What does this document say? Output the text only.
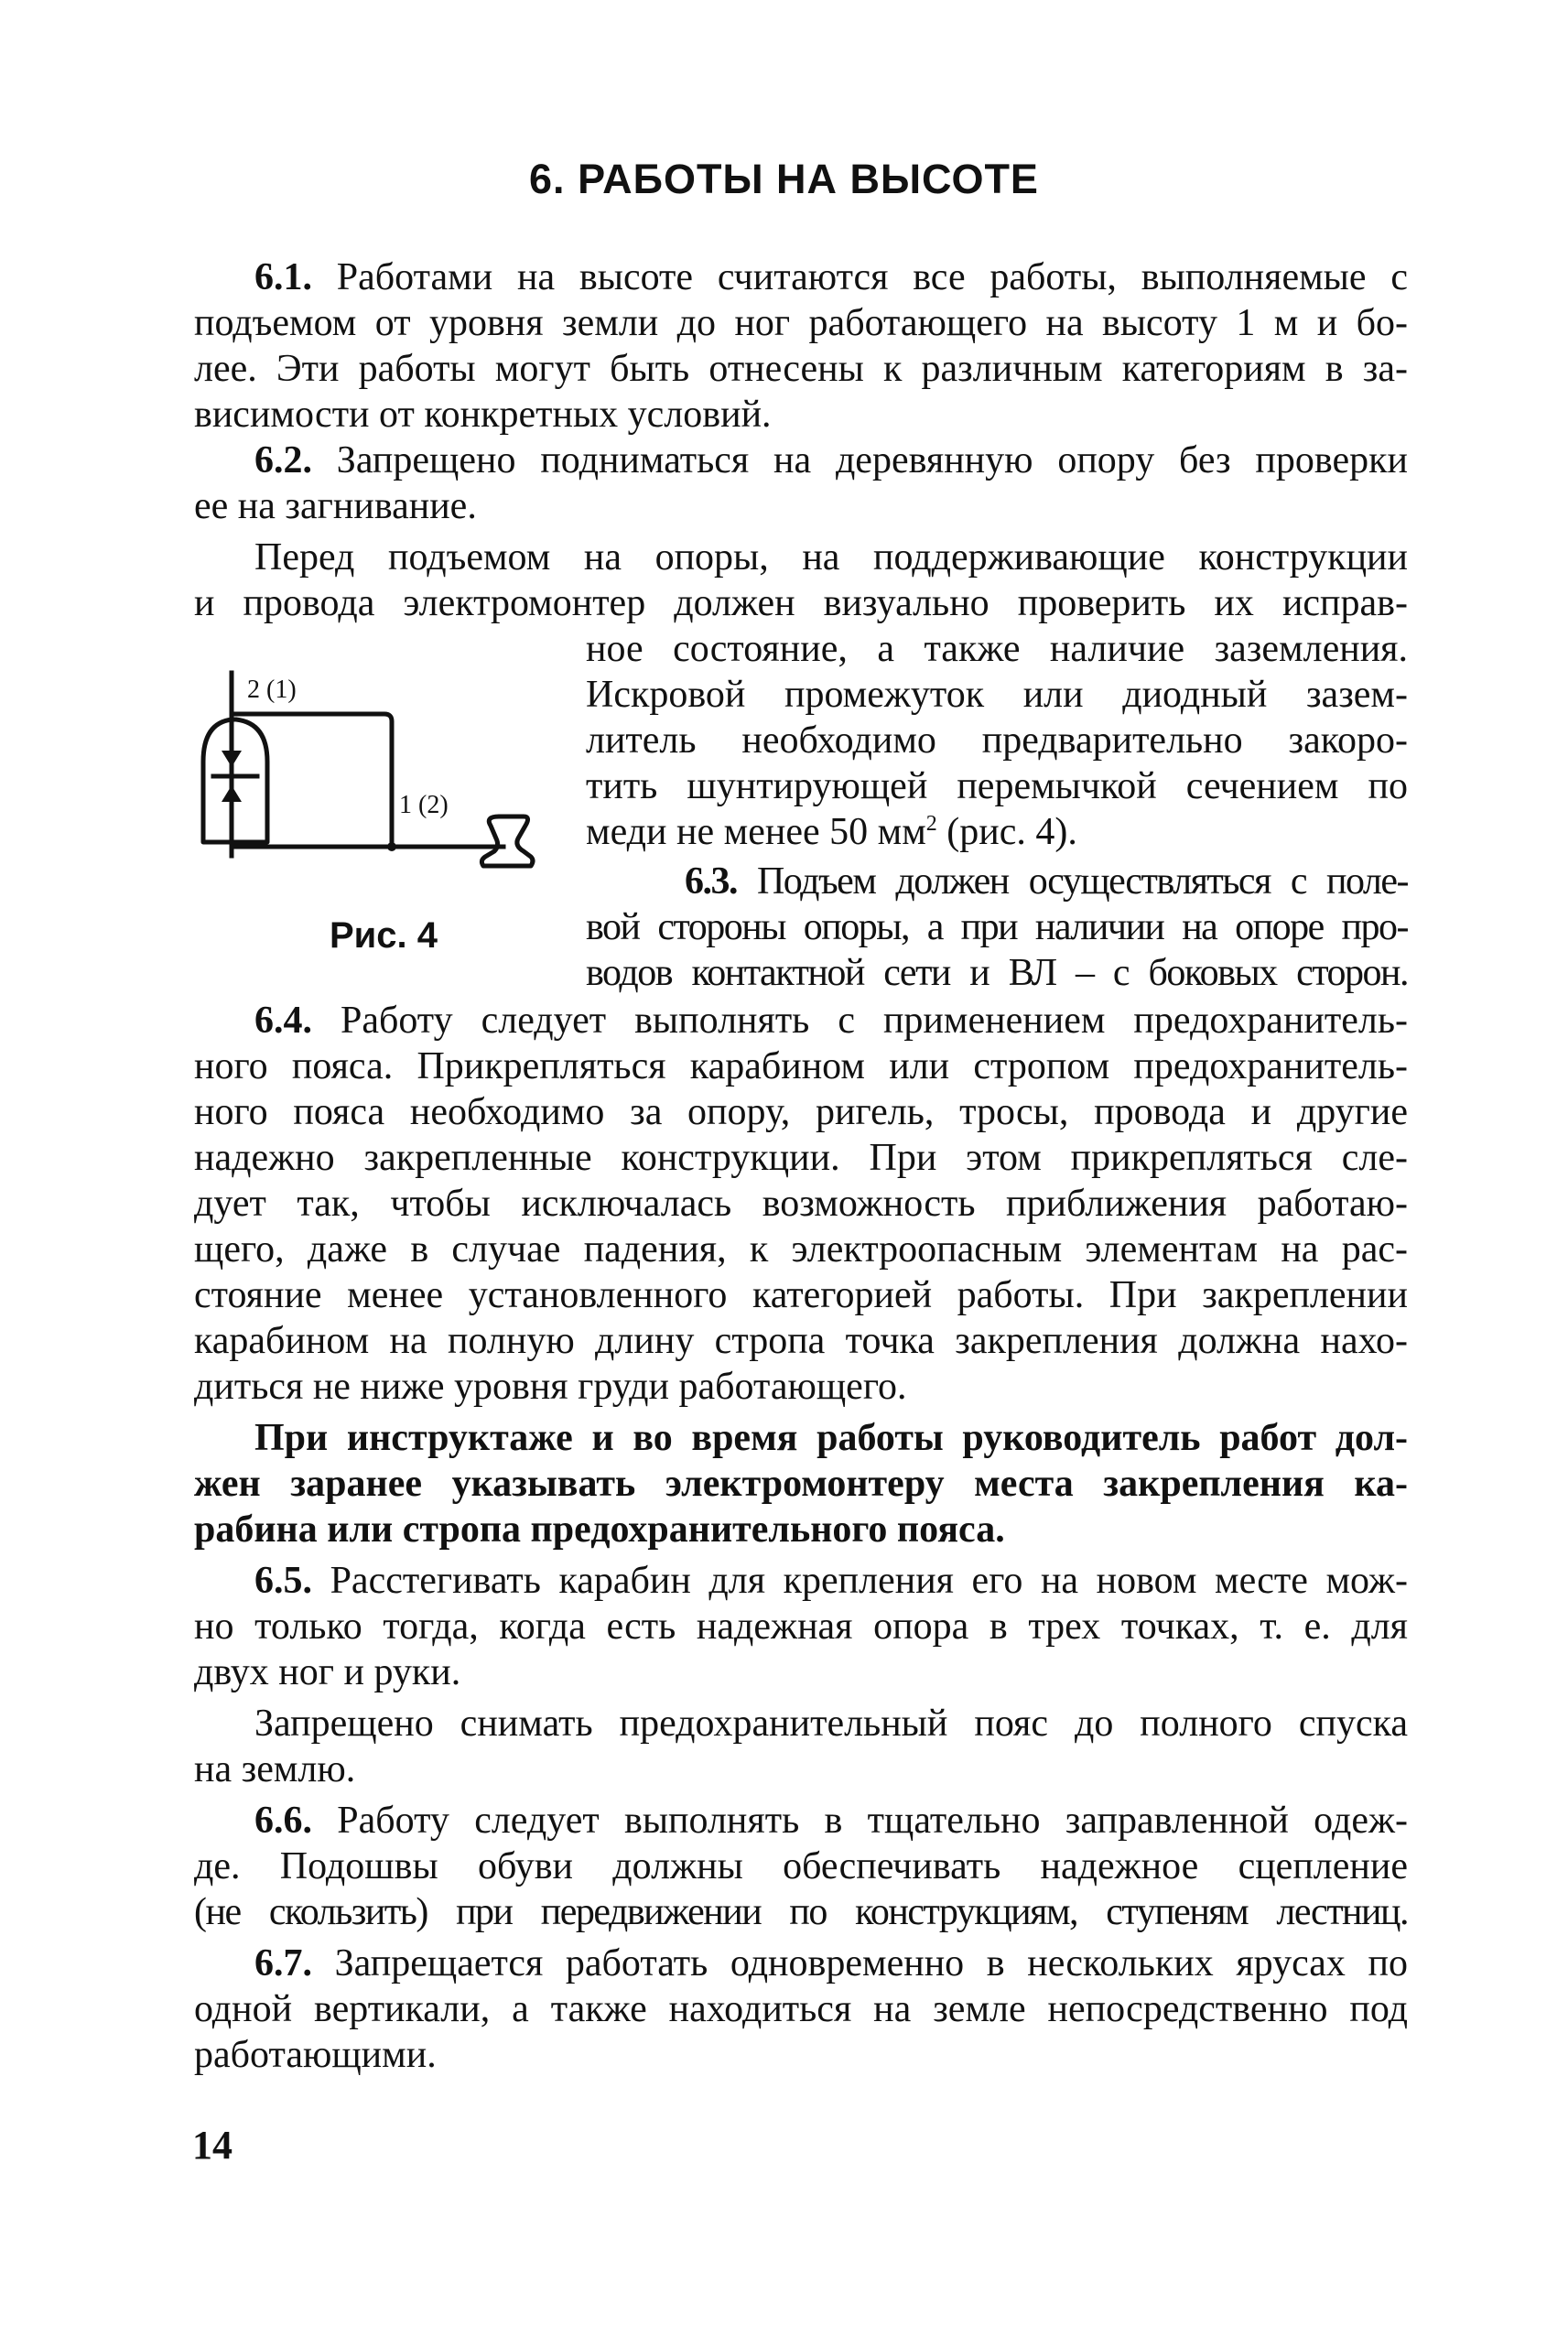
6. РАБОТЫ НА ВЫСОТЕ
6.1. Работами на высоте считаются все работы, выполняемые с
подъемом от уровня земли до ног работающего на высоту 1 м и бо-
лее. Эти работы могут быть отнесены к различным категориям в за-
висимости от конкретных условий.
6.2. Запрещено подниматься на деревянную опору без проверки
ее на загнивание.
Перед подъемом на опоры, на поддерживающие конструкции
и провода электромонтер должен визуально проверить их исправ-
ное состояние, а также наличие заземления.
Искровой промежуток или диодный зазем-
литель необходимо предварительно закоро-
тить шунтирующей перемычкой сечением по
меди не менее 50 $мм^2$ (рис. 4).
6.3. Подъем должен осуществляться с поле-
вой стороны опоры, а при наличии на опоре про-
водов контактной сети и ВЛ – с боковых сторон.
6.4. Работу следует выполнять с применением предохранитель-
ного пояса. Прикрепляться карабином или стропом предохранитель-
ного пояса необходимо за опору, ригель, тросы, провода и другие
надежно закрепленные конструкции. При этом прикрепляться сле-
дует так, чтобы исключалась возможность приближения работаю-
щего, даже в случае падения, к электроопасным элементам на рас-
стояние менее установленного категорией работы. При закреплении
карабином на полную длину стропа точка закрепления должна нахо-
диться не ниже уровня груди работающего.
При инструктаже и во время работы руководитель работ дол-
жен заранее указывать электромонтеру места закрепления ка-
рабина или стропа предохранительного пояса.
6.5. Расстегивать карабин для крепления его на новом месте мож-
но только тогда, когда есть надежная опора в трех точках, т. е. для
двух ног и руки.
Запрещено снимать предохранительный пояс до полного спуска
на землю.
6.6. Работу следует выполнять в тщательно заправленной одеж-
де. Подошвы обуви должны обеспечивать надежное сцепление
(не скользить) при передвижении по конструкциям, ступеням лестниц.
6.7. Запрещается работать одновременно в нескольких ярусах по
одной вертикали, а также находиться на земле непосредственно под
работающими.
2 (1)
1 (2)
Рис. 4
14
